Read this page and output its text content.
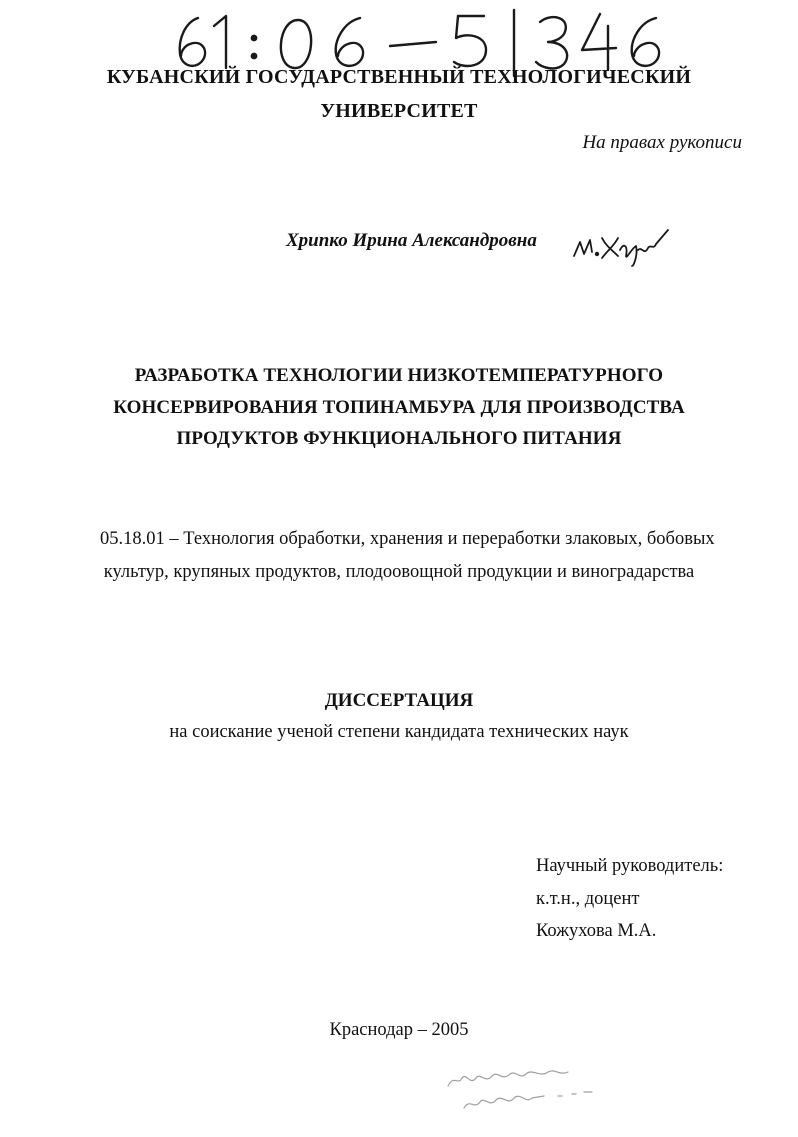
КУБАНСКИЙ ГОСУДАРСТВЕННЫЙ ТЕХНОЛОГИЧЕСКИЙ
УНИВЕРСИТЕТ
На правах рукописи
Хрипко Ирина Александровна
РАЗРАБОТКА ТЕХНОЛОГИИ НИЗКОТЕМПЕРАТУРНОГО
КОНСЕРВИРОВАНИЯ ТОПИНАМБУРА ДЛЯ ПРОИЗВОДСТВА
ПРОДУКТОВ ФУНКЦИОНАЛЬНОГО ПИТАНИЯ
05.18.01 – Технология обработки, хранения и переработки злаковых, бобовых
культур, крупяных продуктов, плодоовощной продукции и виноградарства
ДИССЕРТАЦИЯ
на соискание ученой степени кандидата технических наук
Научный руководитель:
к.т.н., доцент
Кожухова М.А.
Краснодар – 2005
